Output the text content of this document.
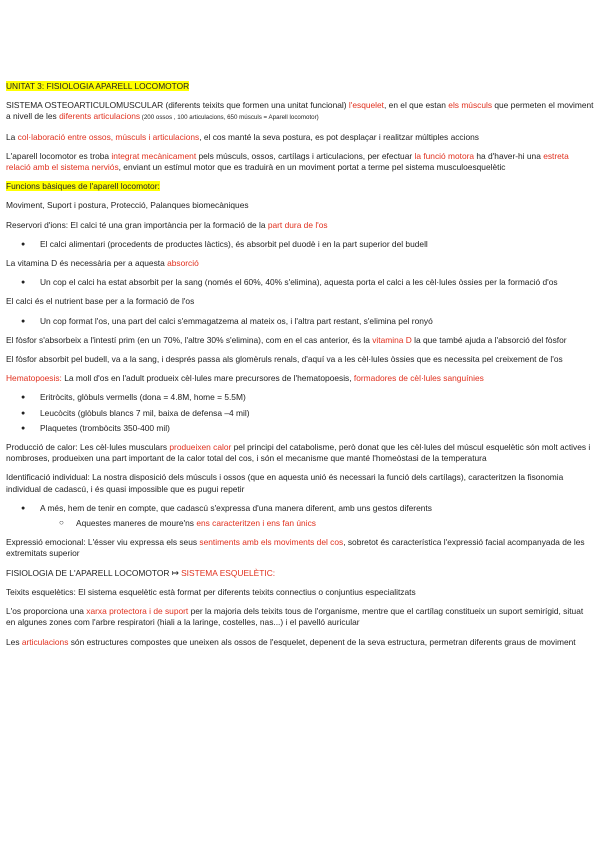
UNITAT 3: FISIOLOGIA APARELL LOCOMOTOR

SISTEMA OSTEOARTICULOMUSCULAR (diferents teixits que formen una unitat funcional) l'esquelet, en el que estan els músculs que permeten el moviment a nivell de les diferents articulacions (200 ossos , 100 articulacions, 650 músculs = Aparell locomotor)

La col·laboració entre ossos, músculs i articulacions, el cos manté la seva postura, es pot desplaçar i realitzar múltiples accions

L'aparell locomotor es troba integrat mecànicament pels músculs, ossos, cartílags i articulacions, per efectuar la funció motora ha d'haver-hi una estreta relació amb el sistema nerviós, enviant un estímul motor que es traduirà en un moviment portat a terme pel sistema musculoesquelètic

Funcions bàsiques de l'aparell locomotor:

Moviment, Suport i postura, Protecció, Palanques biomecàniques

Reservori d'ions: El calci té una gran importància per la formació de la part dura de l'os

● El calci alimentari (procedents de productes làctics), és absorbit pel duodè i en la part superior del budell

La vitamina D és necessària per a aquesta absorció

● Un cop el calci ha estat absorbit per la sang (només el 60%, 40% s'elimina), aquesta porta el calci a les cèl·lules òssies per la formació d'os

El calci és el nutrient base per a la formació de l'os

● Un cop format l'os, una part del calci s'emmagatzema al mateix os, i l'altra part restant, s'elimina pel ronyó

El fòsfor s'absorbeix a l'intestí prim (en un 70%, l'altre 30% s'elimina), com en el cas anterior, és la vitamina D la que també ajuda a l'absorció del fòsfor

El fòsfor absorbit pel budell, va a la sang, i després passa als glomèruls renals, d'aquí va a les cèl·lules òssies que es necessita pel creixement de l'os

Hematopoesis: La moll d'os en l'adult produeix cèl·lules mare precursores de l'hematopoesis, formadores de cèl·lules sanguínies

● Eritròcits, glòbuls vermells (dona = 4.8M, home = 5.5M)

● Leucòcits (glòbuls blancs 7 mil, baixa de defensa –4 mil)

● Plaquetes (trombòcits 350-400 mil)

Producció de calor: Les cèl·lules musculars produeixen calor pel principi del catabolisme, però donat que les cèl·lules del múscul esquelètic són molt actives i nombroses, produeixen una part important de la calor total del cos, i són el mecanisme que manté l'homeòstasi de la temperatura

Identificació individual: La nostra disposició dels músculs i ossos (que en aquesta unió és necessari la funció dels cartílags), caracteritzen la fisonomia individual de cadascú, i és quasi impossible que es pugui repetir

● A més, hem de tenir en compte, que cadascú s'expressa d'una manera diferent, amb uns gestos diferents

○ Aquestes maneres de moure'ns ens caracteritzen i ens fan únics

Expressió emocional: L'ésser viu expressa els seus sentiments amb els moviments del cos, sobretot és característica l'expressió facial acompanyada de les extremitats superior

FISIOLOGIA DE L'APARELL LOCOMOTOR ↦ SISTEMA ESQUELÈTIC:

Teixits esquelètics: El sistema esquelètic està format per diferents teixits connectius o conjuntius especialitzats

L'os proporciona una xarxa protectora i de suport per la majoria dels teixits tous de l'organisme, mentre que el cartílag constitueix un suport semirígid, situat en algunes zones com l'arbre respiratori (hiali a la laringe, costelles, nas...) i el pavelló auricular

Les articulacions són estructures compostes que uneixen als ossos de l'esquelet, depenent de la seva estructura, permetran diferents graus de moviment
